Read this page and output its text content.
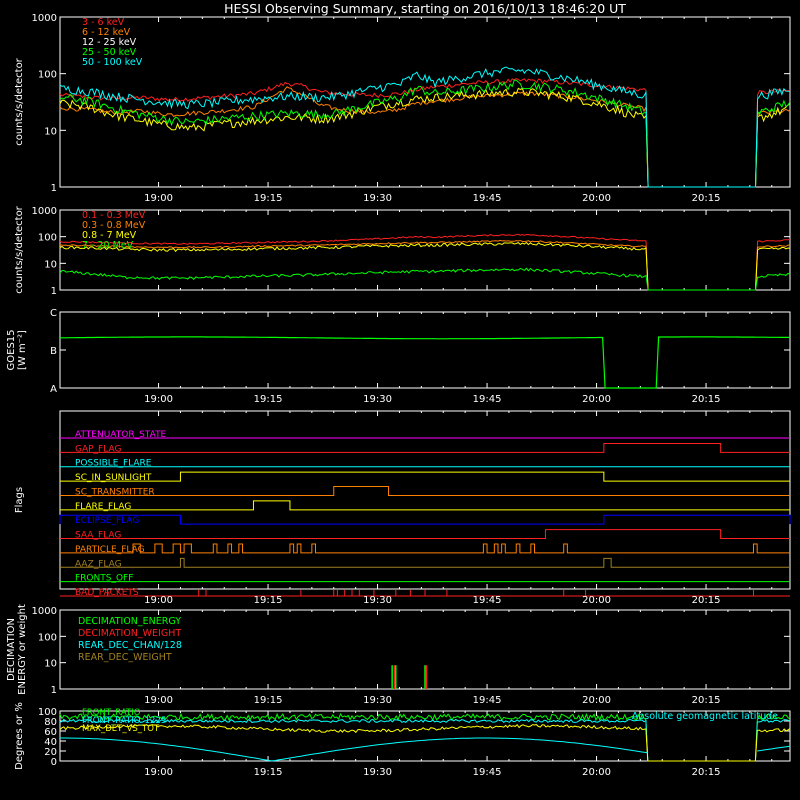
HESSI Observing Summary, starting on 2016/10/13 18:46:20 UT
19:00	19:15	19:30	19:45	20:00	20:15
counts/s/detector
1
10
100
1000	3 - 6 keV
6 - 12 keV
12 - 25 keV
25 - 50 keV
50 - 100 keV
counts/s/detector	1
10
100
1000	0.1 - 0.3 MeV
0.3 - 0.8 MeV
0.8 - 7 MeV
7 - 20 MeV
19:00	19:15	19:30	19:45	20:00	20:15
GOES15 [W m⁻²]
A
B
C
19:00	19:15	19:30	19:45	20:00	20:15
Flags
ATTENUATOR_STATE
GAP_FLAG
POSSIBLE_FLARE
SC_IN_SUNLIGHT
SC_TRANSMITTER
FLARE_FLAG
ECLIPSE_FLAG
SAA_FLAG
PARTICLE_FLAG
AAZ_FLAG
FRONTS_OFF
BAD_PACKETS
19:00	19:15	19:30	19:45	20:00	20:15
DECIMATION ENERGY or weight 1
10
100
1000
DECIMATION_ENERGY
DECIMATION_WEIGHT
REAR_DEC_CHAN/128
REAR_DEC_WEIGHT
19:00	19:15	19:30	19:45	20:00	20:15
Degrees or %	0
20
40
60
80
100	FRONT_RATIO
FRONT_RATIO_1225
MAX_DET_VS_TOT
Absolute geomagnetic latitude
